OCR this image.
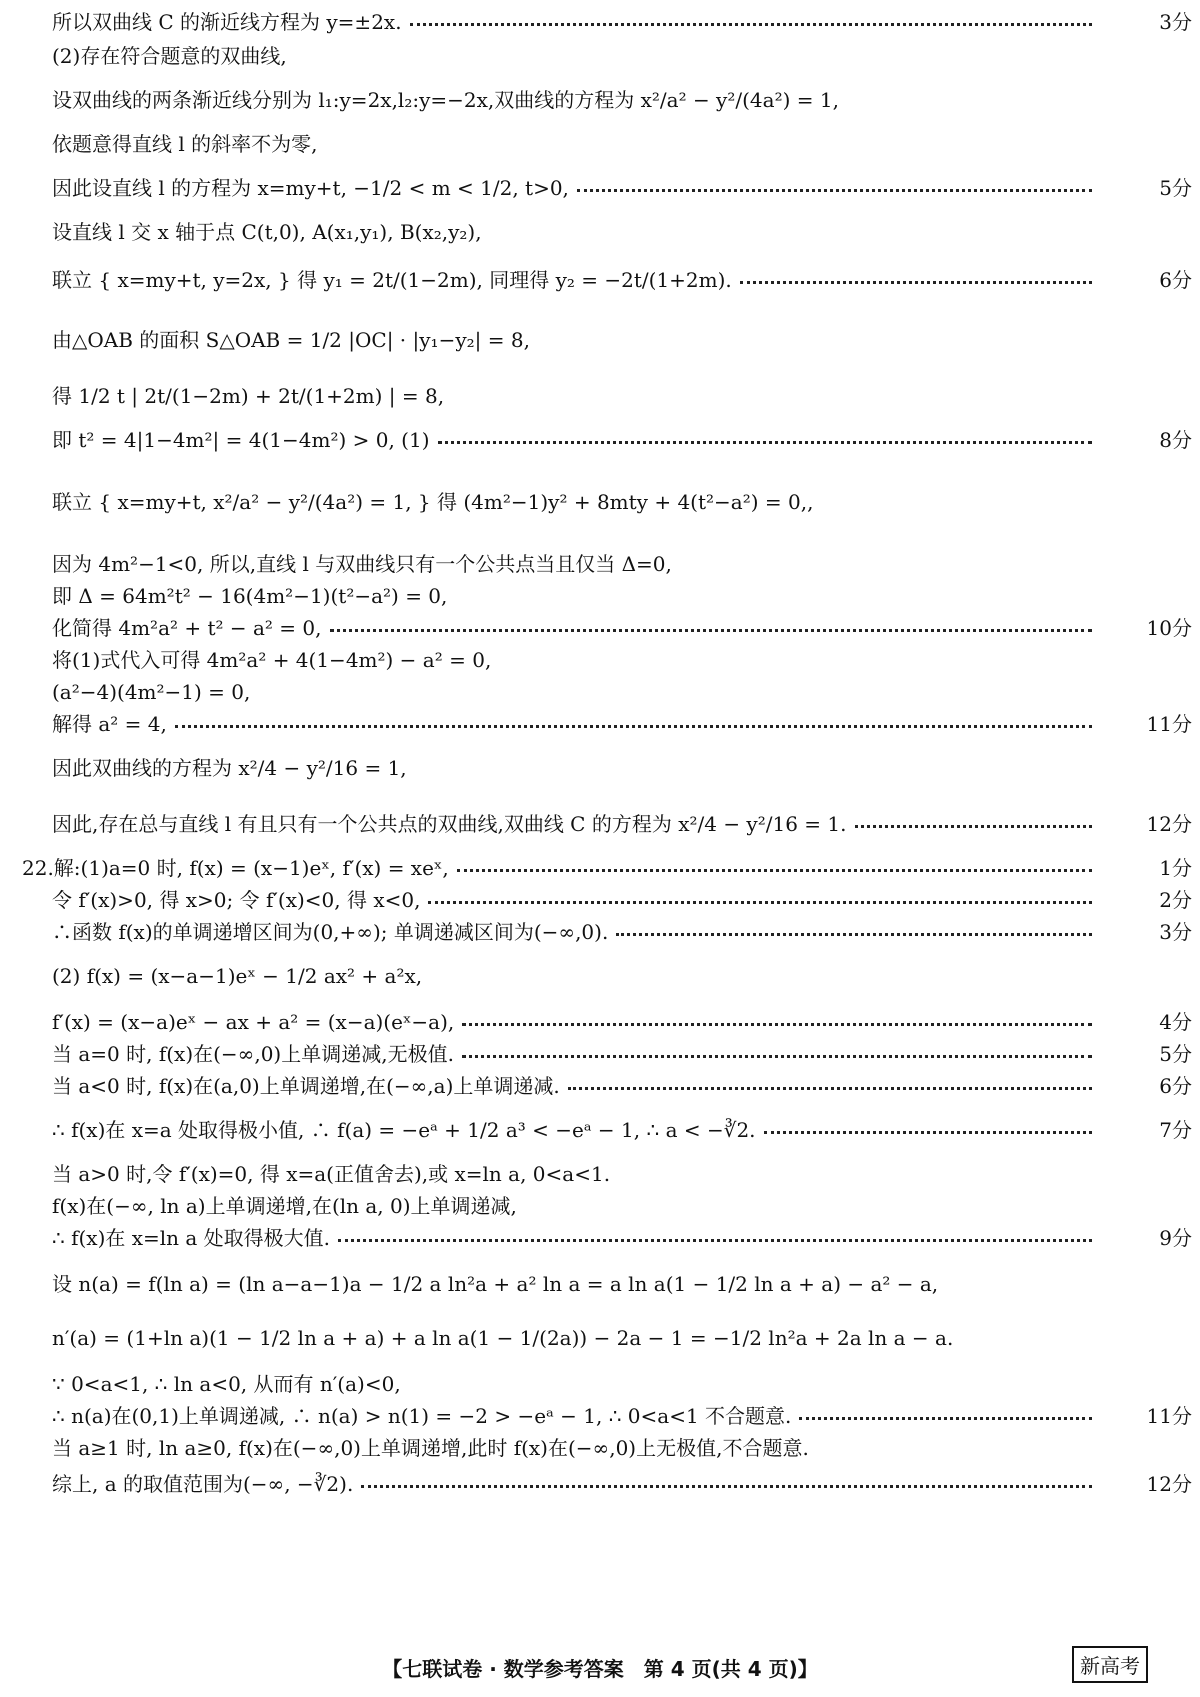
所以双曲线 C 的渐近线方程为 y=±2x.	3分
(2)存在符合题意的双曲线,
设双曲线的两条渐近线分别为 l₁:y=2x,l₂:y=−2x,双曲线的方程为 x²/a² − y²/(4a²) = 1,
依题意得直线 l 的斜率不为零,
因此设直线 l 的方程为 x=my+t, −1/2 < m < 1/2, t>0,	5分
设直线 l 交 x 轴于点 C(t,0), A(x₁,y₁), B(x₂,y₂),
联立 { x=my+t, y=2x, } 得 y₁ = 2t/(1−2m), 同理得 y₂ = −2t/(1+2m).	6分
由△OAB 的面积 S△OAB = 1/2 |OC| · |y₁−y₂| = 8,
得 1/2 t | 2t/(1−2m) + 2t/(1+2m) | = 8,
即 t² = 4|1−4m²| = 4(1−4m²) > 0, (1)	8分
联立 { x=my+t, x²/a² − y²/(4a²) = 1, } 得 (4m²−1)y² + 8mty + 4(t²−a²) = 0,,
因为 4m²−1<0, 所以,直线 l 与双曲线只有一个公共点当且仅当 Δ=0,
即 Δ = 64m²t² − 16(4m²−1)(t²−a²) = 0,
化简得 4m²a² + t² − a² = 0,	10分
将(1)式代入可得 4m²a² + 4(1−4m²) − a² = 0,
(a²−4)(4m²−1) = 0,
解得 a² = 4,	11分
因此双曲线的方程为 x²/4 − y²/16 = 1,
因此,存在总与直线 l 有且只有一个公共点的双曲线,双曲线 C 的方程为 x²/4 − y²/16 = 1.	12分
22.解:(1)a=0 时, f(x) = (x−1)eˣ, f′(x) = xeˣ,	1分
令 f′(x)>0, 得 x>0; 令 f′(x)<0, 得 x<0,	2分
∴函数 f(x)的单调递增区间为(0,+∞); 单调递减区间为(−∞,0).	3分
(2) f(x) = (x−a−1)eˣ − 1/2 ax² + a²x,
f′(x) = (x−a)eˣ − ax + a² = (x−a)(eˣ−a),	4分
当 a=0 时, f(x)在(−∞,0)上单调递减,无极值.	5分
当 a<0 时, f(x)在(a,0)上单调递增,在(−∞,a)上单调递减.	6分
∴ f(x)在 x=a 处取得极小值, ∴ f(a) = −eᵃ + 1/2 a³ < −eᵃ − 1, ∴ a < −∛2.	7分
当 a>0 时,令 f′(x)=0, 得 x=a(正值舍去),或 x=ln a, 0<a<1.
f(x)在(−∞, ln a)上单调递增,在(ln a, 0)上单调递减,
∴ f(x)在 x=ln a 处取得极大值.	9分
设 n(a) = f(ln a) = (ln a−a−1)a − 1/2 a ln²a + a² ln a = a ln a(1 − 1/2 ln a + a) − a² − a,
n′(a) = (1+ln a)(1 − 1/2 ln a + a) + a ln a(1 − 1/(2a)) − 2a − 1 = −1/2 ln²a + 2a ln a − a.
∵ 0<a<1, ∴ ln a<0, 从而有 n′(a)<0,
∴ n(a)在(0,1)上单调递减, ∴ n(a) > n(1) = −2 > −eᵃ − 1, ∴ 0<a<1 不合题意.	11分
当 a≥1 时, ln a≥0, f(x)在(−∞,0)上单调递增,此时 f(x)在(−∞,0)上无极值,不合题意.
综上, a 的取值范围为(−∞, −∛2).	12分
【七联试卷 · 数学参考答案　第 4 页(共 4 页)】	新高考
